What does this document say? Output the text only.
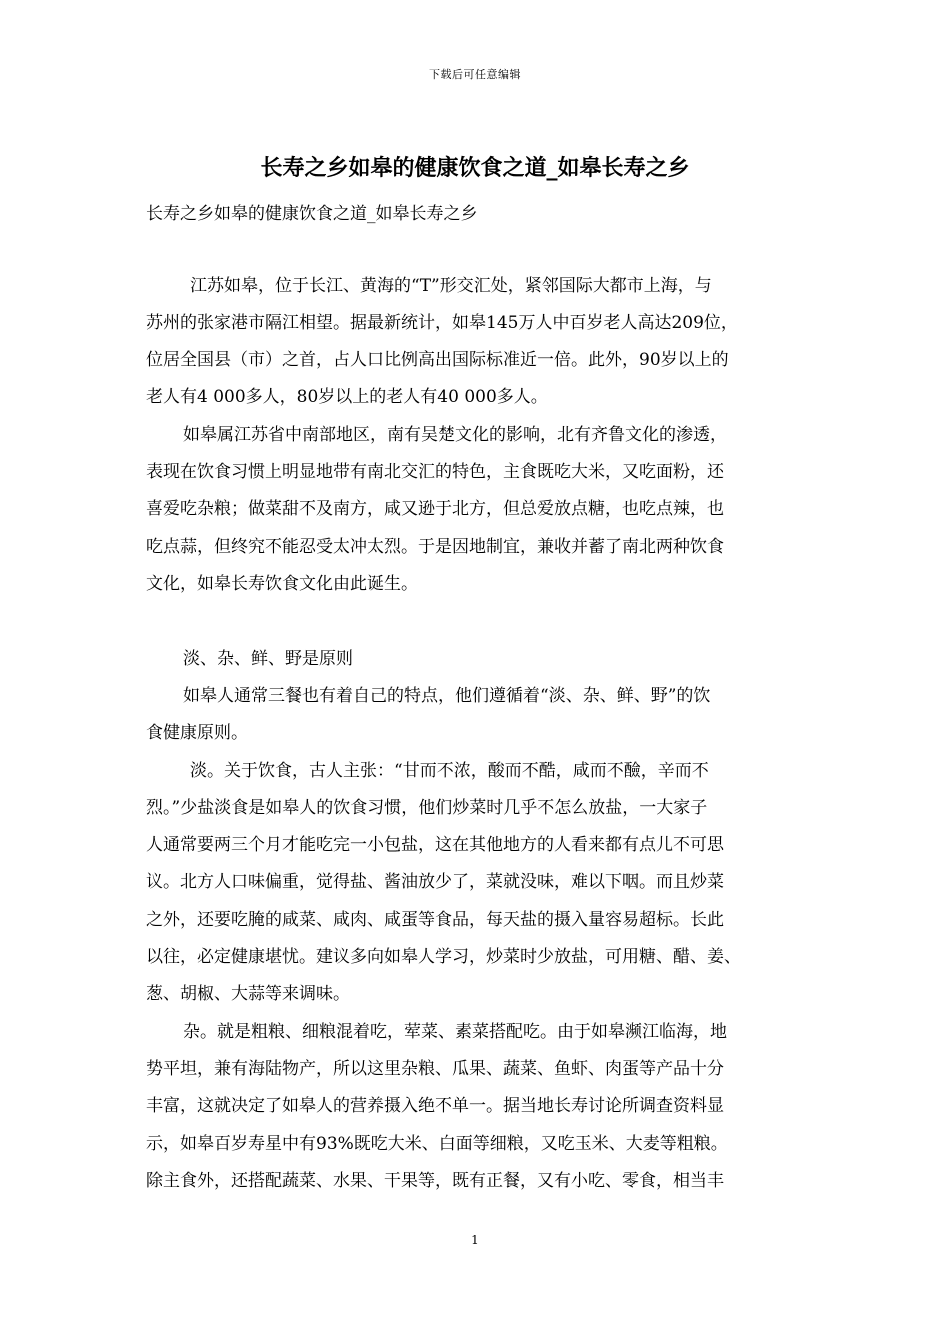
下载后可任意编辑
长寿之乡如皋的健康饮食之道_如皋长寿之乡
长寿之乡如皋的健康饮食之道_如皋长寿之乡
江苏如皋，位于长江、黄海的“T”形交汇处，紧邻国际大都市上海，与
苏州的张家港市隔江相望。据最新统计，如皋145万人中百岁老人高达209位，
位居全国县（市）之首，占人口比例高出国际标准近一倍。此外，90岁以上的
老人有4 000多人，80岁以上的老人有40 000多人。
如皋属江苏省中南部地区，南有吴楚文化的影响，北有齐鲁文化的渗透，
表现在饮食习惯上明显地带有南北交汇的特色，主食既吃大米，又吃面粉，还
喜爱吃杂粮；做菜甜不及南方，咸又逊于北方，但总爱放点糖，也吃点辣，也
吃点蒜，但终究不能忍受太冲太烈。于是因地制宜，兼收并蓄了南北两种饮食
文化，如皋长寿饮食文化由此诞生。
淡、杂、鲜、野是原则
如皋人通常三餐也有着自己的特点，他们遵循着“淡、杂、鲜、野”的饮
食健康原则。
淡。关于饮食，古人主张：“甘而不浓，酸而不酷，咸而不醶，辛而不
烈。”少盐淡食是如皋人的饮食习惯，他们炒菜时几乎不怎么放盐，一大家子
人通常要两三个月才能吃完一小包盐，这在其他地方的人看来都有点儿不可思
议。北方人口味偏重，觉得盐、酱油放少了，菜就没味，难以下咽。而且炒菜
之外，还要吃腌的咸菜、咸肉、咸蛋等食品，每天盐的摄入量容易超标。长此
以往，必定健康堪忧。建议多向如皋人学习，炒菜时少放盐，可用糖、醋、姜、
葱、胡椒、大蒜等来调味。
杂。就是粗粮、细粮混着吃，荤菜、素菜搭配吃。由于如皋濒江临海，地
势平坦，兼有海陆物产，所以这里杂粮、瓜果、蔬菜、鱼虾、肉蛋等产品十分
丰富，这就决定了如皋人的营养摄入绝不单一。据当地长寿讨论所调查资料显
示，如皋百岁寿星中有93%既吃大米、白面等细粮，又吃玉米、大麦等粗粮。
除主食外，还搭配蔬菜、水果、干果等，既有正餐，又有小吃、零食，相当丰
1
